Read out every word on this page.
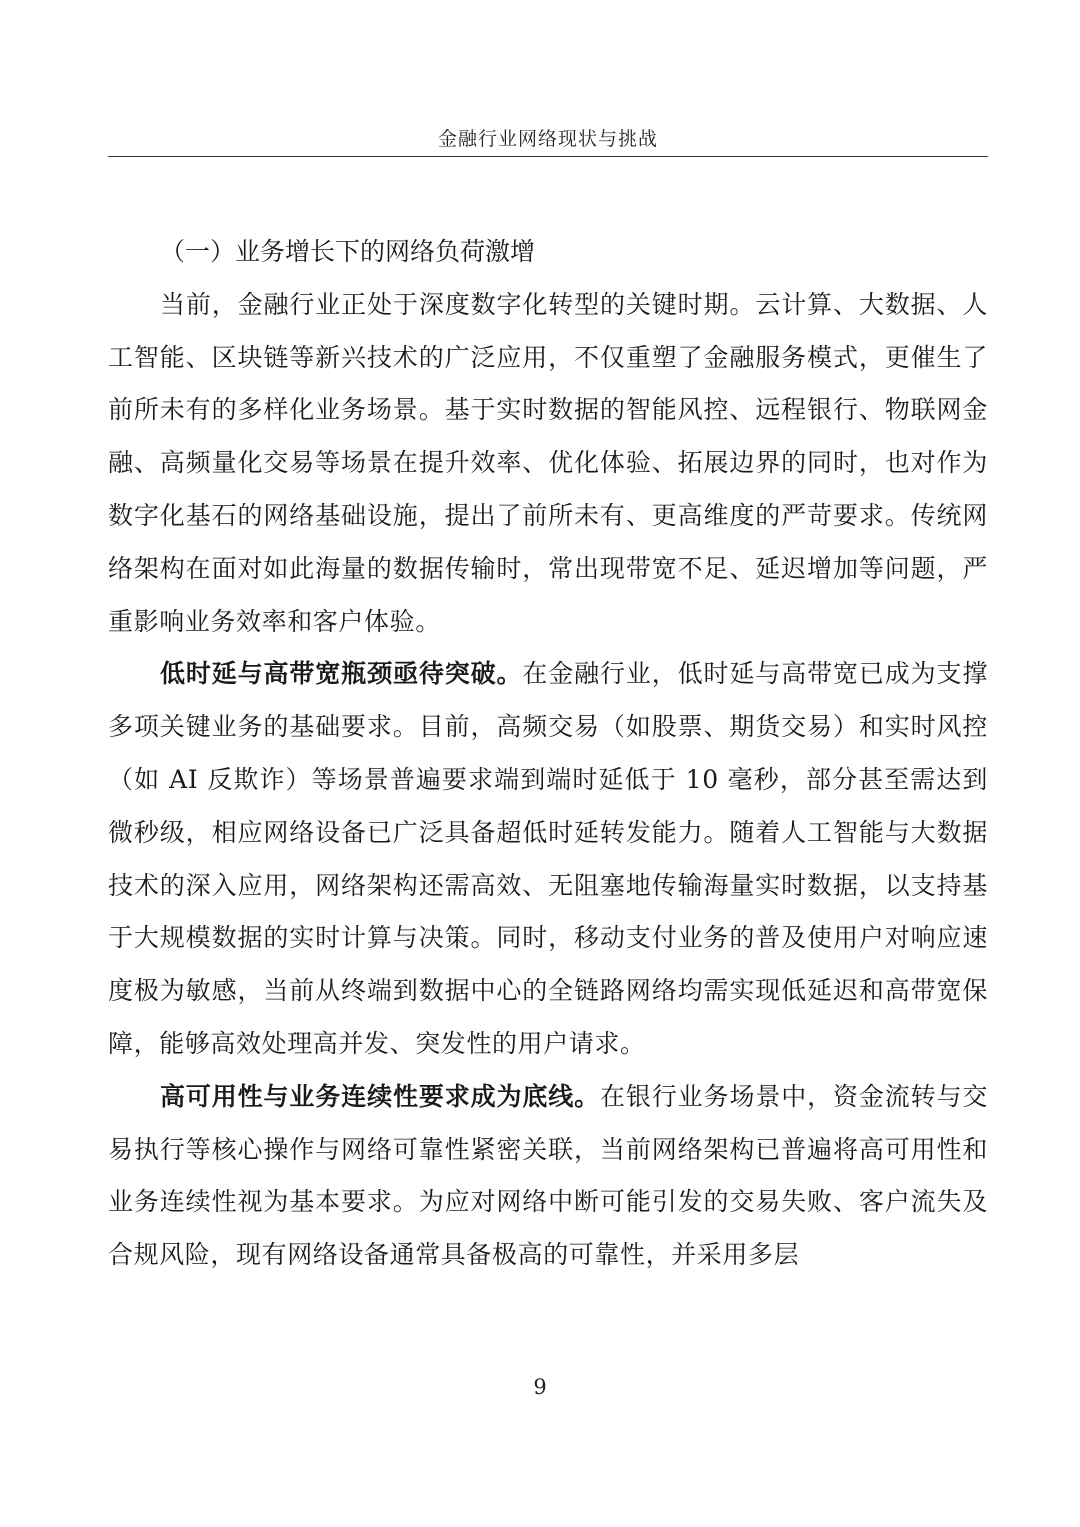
金融行业网络现状与挑战
（一）业务增长下的网络负荷激增

当前，金融行业正处于深度数字化转型的关键时期。云计算、大数据、人工智能、区块链等新兴技术的广泛应用，不仅重塑了金融服务模式，更催生了前所未有的多样化业务场景。基于实时数据的智能风控、远程银行、物联网金融、高频量化交易等场景在提升效率、优化体验、拓展边界的同时，也对作为数字化基石的网络基础设施，提出了前所未有、更高维度的严苛要求。传统网络架构在面对如此海量的数据传输时，常出现带宽不足、延迟增加等问题，严重影响业务效率和客户体验。

低时延与高带宽瓶颈亟待突破。在金融行业，低时延与高带宽已成为支撑多项关键业务的基础要求。目前，高频交易（如股票、期货交易）和实时风控（如 AI 反欺诈）等场景普遍要求端到端时延低于 10 毫秒，部分甚至需达到微秒级，相应网络设备已广泛具备超低时延转发能力。随着人工智能与大数据技术的深入应用，网络架构还需高效、无阻塞地传输海量实时数据，以支持基于大规模数据的实时计算与决策。同时，移动支付业务的普及使用户对响应速度极为敏感，当前从终端到数据中心的全链路网络均需实现低延迟和高带宽保障，能够高效处理高并发、突发性的用户请求。

高可用性与业务连续性要求成为底线。在银行业务场景中，资金流转与交易执行等核心操作与网络可靠性紧密关联，当前网络架构已普遍将高可用性和业务连续性视为基本要求。为应对网络中断可能引发的交易失败、客户流失及合规风险，现有网络设备通常具备极高的可靠性，并采用多层

9
